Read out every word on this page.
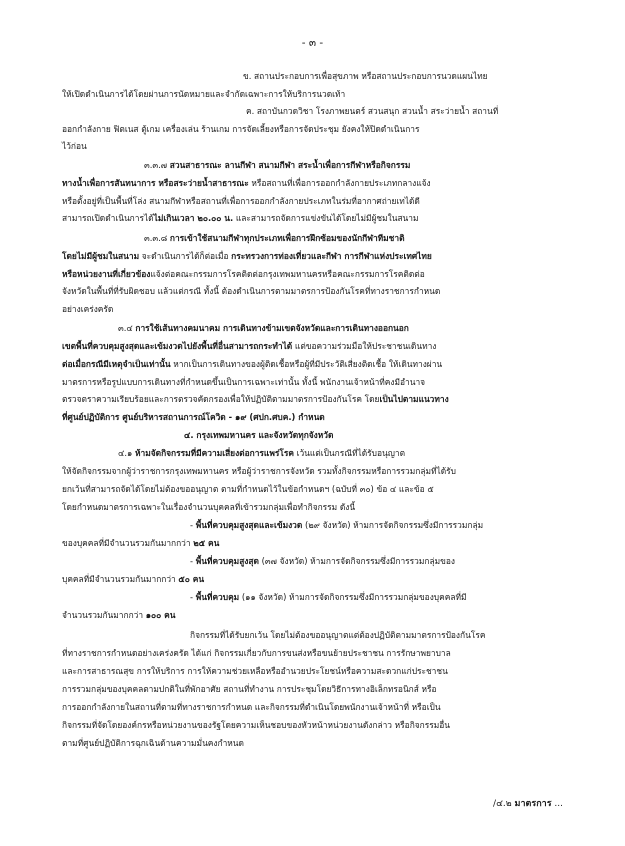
- ๓ -
ข. สถานประกอบการเพื่อสุขภาพ หรือสถานประกอบการนวดแผนไทย
ให้เปิดดำเนินการได้โดยผ่านการนัดหมายและจำกัดเฉพาะการให้บริการนวดเท้า
ค. สถาบันกวดวิชา โรงภาพยนตร์ สวนสนุก สวนน้ำ สระว่ายน้ำ สถานที่
ออกกำลังกาย ฟิตเนส ตู้เกม เครื่องเล่น ร้านเกม การจัดเลี้ยงหรือการจัดประชุม ยังคงให้ปิดดำเนินการ
ไว้ก่อน
๓.๓.๗ สวนสาธารณะ ลานกีฬา สนามกีฬา สระน้ำเพื่อการกีฬาหรือกิจกรรม
ทางน้ำเพื่อการสันทนาการ หรือสระว่ายน้ำสาธารณะ หรือสถานที่เพื่อการออกกำลังกายประเภทกลางแจ้ง
หรือตั้งอยู่ที่เป็นพื้นที่โล่ง สนามกีฬาหรือสถานที่เพื่อการออกกำลังกายประเภทในร่มที่อากาศถ่ายเทได้ดี
สามารถเปิดดำเนินการได้ไม่เกินเวลา ๒๐.๐๐ น. และสามารถจัดการแข่งขันได้โดยไม่มีผู้ชมในสนาม
๓.๓.๘ การเข้าใช้สนามกีฬาทุกประเภทเพื่อการฝึกซ้อมของนักกีฬาทีมชาติ
โดยไม่มีผู้ชมในสนาม จะดำเนินการได้ก็ต่อเมื่อ กระทรวงการท่องเที่ยวและกีฬา การกีฬาแห่งประเทศไทย
หรือหน่วยงานที่เกี่ยวข้องแจ้งต่อคณะกรรมการโรคติดต่อกรุงเทพมหานครหรือคณะกรรมการโรคติดต่อ
จังหวัดในพื้นที่ที่รับผิดชอบ แล้วแต่กรณี ทั้งนี้ ต้องดำเนินการตามมาตรการป้องกันโรคที่ทางราชการกำหนด
อย่างเคร่งครัด
๓.๔ การใช้เส้นทางคมนาคม การเดินทางข้ามเขตจังหวัดและการเดินทางออกนอก
เขตพื้นที่ควบคุมสูงสุดและเข้มงวดไปยังพื้นที่อื่นสามารถกระทำได้ แต่ขอความร่วมมือให้ประชาชนเดินทาง
ต่อเมื่อกรณีมีเหตุจำเป็นเท่านั้น หากเป็นการเดินทางของผู้ติดเชื้อหรือผู้ที่มีประวัติเสี่ยงติดเชื้อ ให้เดินทางผ่าน
มาตรการหรือรูปแบบการเดินทางที่กำหนดขึ้นเป็นการเฉพาะเท่านั้น ทั้งนี้ พนักงานเจ้าหน้าที่คงมีอำนาจ
ตรวจตราความเรียบร้อยและการตรวจคัดกรองเพื่อให้ปฏิบัติตามมาตรการป้องกันโรค โดยเป็นไปตามแนวทาง
ที่ศูนย์ปฏิบัติการ ศูนย์บริหารสถานการณ์โควิด - ๑๙ (ศปก.ศบค.) กำหนด
๔. กรุงเทพมหานคร และจังหวัดทุกจังหวัด
๔.๑ ห้ามจัดกิจกรรมที่มีความเสี่ยงต่อการแพร่โรค เว้นแต่เป็นกรณีที่ได้รับอนุญาต
ให้จัดกิจกรรมจากผู้ว่าราชการกรุงเทพมหานคร หรือผู้ว่าราชการจังหวัด รวมทั้งกิจกรรมหรือการรวมกลุ่มที่ได้รับ
ยกเว้นที่สามารถจัดได้โดยไม่ต้องขออนุญาต ตามที่กำหนดไว้ในข้อกำหนดฯ (ฉบับที่ ๓๐) ข้อ ๔ และข้อ ๕
โดยกำหนดมาตรการเฉพาะในเรื่องจำนวนบุคคลที่เข้ารวมกลุ่มเพื่อทำกิจกรรม ดังนี้
- พื้นที่ควบคุมสูงสุดและเข้มงวด (๒๙ จังหวัด) ห้ามการจัดกิจกรรมซึ่งมีการรวมกลุ่ม
ของบุคคลที่มีจำนวนรวมกันมากกว่า ๒๕ คน
- พื้นที่ควบคุมสูงสุด (๓๗ จังหวัด) ห้ามการจัดกิจกรรมซึ่งมีการรวมกลุ่มของ
บุคคลที่มีจำนวนรวมกันมากกว่า ๕๐ คน
- พื้นที่ควบคุม (๑๑ จังหวัด) ห้ามการจัดกิจกรรมซึ่งมีการรวมกลุ่มของบุคคลที่มี
จำนวนรวมกันมากกว่า ๑๐๐ คน
กิจกรรมที่ได้รับยกเว้น โดยไม่ต้องขออนุญาตแต่ต้องปฏิบัติตามมาตรการป้องกันโรค
ที่ทางราชการกำหนดอย่างเคร่งครัด ได้แก่ กิจกรรมเกี่ยวกับการขนส่งหรือขนย้ายประชาชน การรักษาพยาบาล
และการสาธารณสุข การให้บริการ การให้ความช่วยเหลือหรืออำนวยประโยชน์หรือความสะดวกแก่ประชาชน
การรวมกลุ่มของบุคคลตามปกติในที่พักอาศัย สถานที่ทำงาน การประชุมโดยวิธีการทางอิเล็กทรอนิกส์ หรือ
การออกกำลังกายในสถานที่ตามที่ทางราชการกำหนด และกิจกรรมที่ดำเนินโดยพนักงานเจ้าหน้าที่ หรือเป็น
กิจกรรมที่จัดโดยองค์กรหรือหน่วยงานของรัฐโดยความเห็นชอบของหัวหน้าหน่วยงานดังกล่าว หรือกิจกรรมอื่น
ตามที่ศูนย์ปฏิบัติการฉุกเฉินด้านความมั่นคงกำหนด
/๔.๒ มาตรการ ...
